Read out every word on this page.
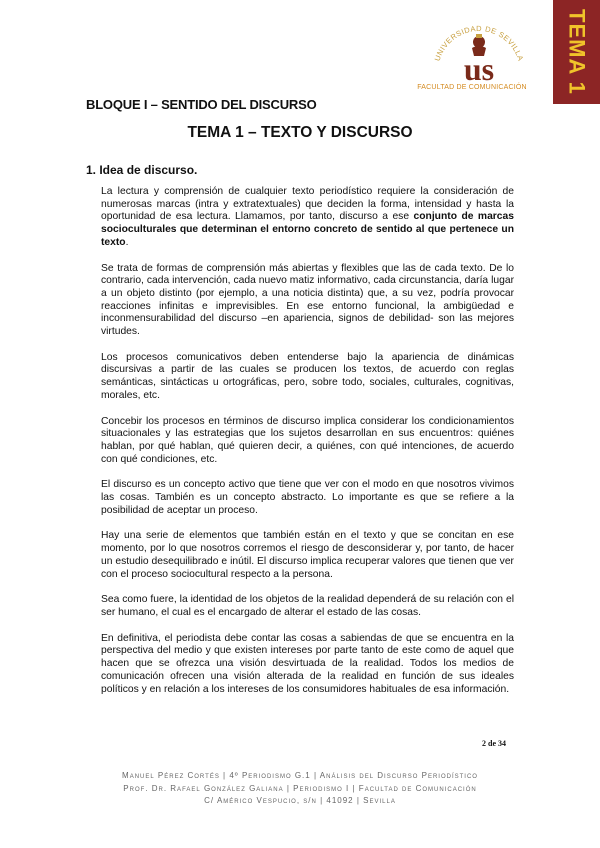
TEMA 1
UNIVERSIDAD DE SEVILLA
us
FACULTAD DE COMUNICACIÓN
BLOQUE I – SENTIDO DEL DISCURSO
TEMA 1 – TEXTO Y DISCURSO
1. Idea de discurso.

La lectura y comprensión de cualquier texto periodístico requiere la consideración de numerosas marcas (intra y extratextuales) que deciden la forma, intensidad y hasta la oportunidad de esa lectura. Llamamos, por tanto, discurso a ese conjunto de marcas socioculturales que determinan el entorno concreto de sentido al que pertenece un texto.

Se trata de formas de comprensión más abiertas y flexibles que las de cada texto. De lo contrario, cada intervención, cada nuevo matiz informativo, cada circunstancia, daría lugar a un objeto distinto (por ejemplo, a una noticia distinta) que, a su vez, podría provocar reacciones infinitas e imprevisibles. En ese entorno funcional, la ambigüedad e inconmensurabilidad del discurso –en apariencia, signos de debilidad- son las mejores virtudes.

Los procesos comunicativos deben entenderse bajo la apariencia de dinámicas discursivas a partir de las cuales se producen los textos, de acuerdo con reglas semánticas, sintácticas u ortográficas, pero, sobre todo, sociales, culturales, cognitivas, morales, etc.

Concebir los procesos en términos de discurso implica considerar los condicionamientos situacionales y las estrategias que los sujetos desarrollan en sus encuentros: quiénes hablan, por qué hablan, qué quieren decir, a quiénes, con qué intenciones, de acuerdo con qué condiciones, etc.

El discurso es un concepto activo que tiene que ver con el modo en que nosotros vivimos las cosas. También es un concepto abstracto. Lo importante es que se refiere a la posibilidad de aceptar un proceso.

Hay una serie de elementos que también están en el texto y que se concitan en ese momento, por lo que nosotros corremos el riesgo de desconsiderar y, por tanto, de hacer un estudio desequilibrado e inútil. El discurso implica recuperar valores que tienen que ver con el proceso sociocultural respecto a la persona.

Sea como fuere, la identidad de los objetos de la realidad dependerá de su relación con el ser humano, el cual es el encargado de alterar el estado de las cosas.

En definitiva, el periodista debe contar las cosas a sabiendas de que se encuentra en la perspectiva del medio y que existen intereses por parte tanto de este como de aquel que hacen que se ofrezca una visión desvirtuada de la realidad. Todos los medios de comunicación ofrecen una visión alterada de la realidad en función de sus ideales políticos y en relación a los intereses de los consumidores habituales de esa información.

2 de 34
Manuel Pérez Cortés | 4º Periodismo G.1 | Análisis del Discurso Periodístico
Prof. Dr. Rafael González Galiana | Periodismo I | Facultad de Comunicación
C/ Américo Vespucio, s/n | 41092 | Sevilla
